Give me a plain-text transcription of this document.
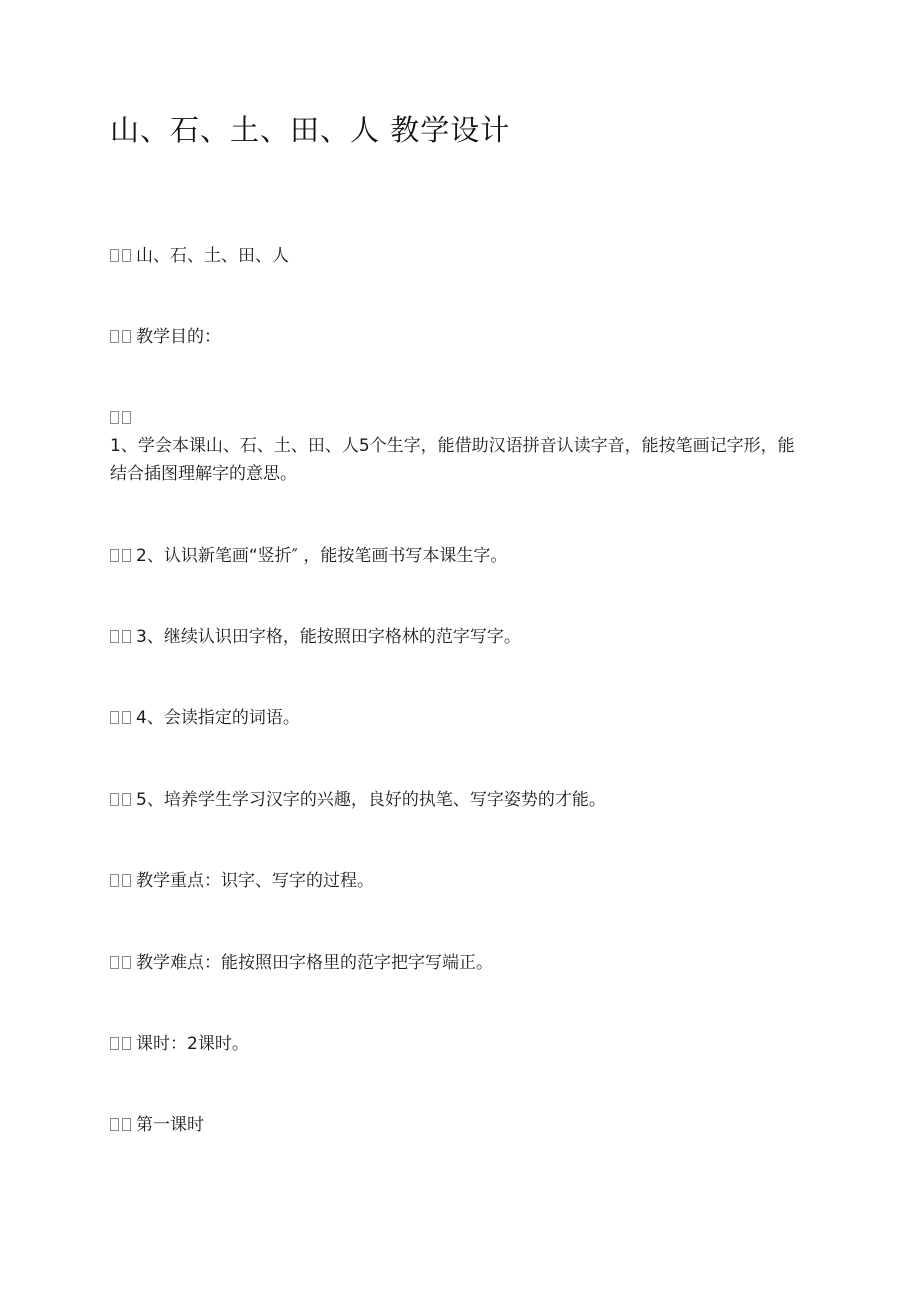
山、石、土、田、人 教学设计

山、石、土、田、人

教学目的：

1、学会本课山、石、土、田、人5个生字，能借助汉语拼音认读字音，能按笔画记字形，能结合插图理解字的意思。

2、认识新笔画“竖折″ ，能按笔画书写本课生字。

3、继续认识田字格，能按照田字格林的范字写字。

4、会读指定的词语。

5、培养学生学习汉字的兴趣，良好的执笔、写字姿势的才能。

教学重点：识字、写字的过程。

教学难点：能按照田字格里的范字把字写端正。

课时：2课时。

第一课时
